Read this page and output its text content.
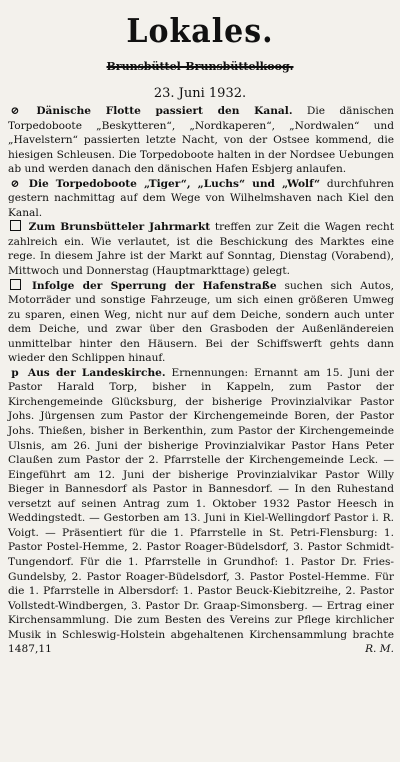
Lokales.
Brunsbüttel-Brunsbüttelkoog.
23. Juni 1932.

⊘ Dänische Flotte passiert den Kanal. Die dänischen Torpedoboote „Beskytteren“, „Nordkaperen“, „Nordwalen“ und „Havelstern“ passierten letzte Nacht, von der Ostsee kommend, die hiesigen Schleusen. Die Torpedoboote halten in der Nordsee Uebungen ab und werden danach den dänischen Hafen Esbjerg anlaufen.

⊘ Die Torpedoboote „Tiger“, „Luchs“ und „Wolf“ durchfuhren gestern nachmittag auf dem Wege von Wilhelmshaven nach Kiel den Kanal.

Zum Brunsbütteler Jahrmarkt treffen zur Zeit die Wagen recht zahlreich ein. Wie verlautet, ist die Beschickung des Marktes eine rege. In diesem Jahre ist der Markt auf Sonntag, Dienstag (Vorabend), Mittwoch und Donnerstag (Hauptmarkttage) gelegt.

Infolge der Sperrung der Hafenstraße suchen sich Autos, Motorräder und sonstige Fahrzeuge, um sich einen größeren Umweg zu sparen, einen Weg, nicht nur auf dem Deiche, sondern auch unter dem Deiche, und zwar über den Grasboden der Außenländereien unmittelbar hinter den Häusern. Bei der Schiffswerft gehts dann wieder den Schlippen hinauf.

p Aus der Landeskirche. Ernennungen: Ernannt am 15. Juni der Pastor Harald Torp, bisher in Kappeln, zum Pastor der Kirchengemeinde Glücksburg, der bisherige Provinzialvikar Pastor Johs. Jürgensen zum Pastor der Kirchengemeinde Boren, der Pastor Johs. Thießen, bisher in Berkenthin, zum Pastor der Kirchengemeinde Ulsnis, am 26. Juni der bisherige Provinzialvikar Pastor Hans Peter Claußen zum Pastor der 2. Pfarrstelle der Kirchengemeinde Leck. — Eingeführt am 12. Juni der bisherige Provinzialvikar Pastor Willy Bieger in Bannesdorf als Pastor in Bannesdorf. — In den Ruhestand versetzt auf seinen Antrag zum 1. Oktober 1932 Pastor Heesch in Weddingstedt. — Gestorben am 13. Juni in Kiel-Wellingdorf Pastor i. R. Voigt. — Präsentiert für die 1. Pfarrstelle in St. Petri-Flensburg: 1. Pastor Postel-Hemme, 2. Pastor Roager-Büdelsdorf, 3. Pastor Schmidt-Tungendorf. Für die 1. Pfarrstelle in Grundhof: 1. Pastor Dr. Fries-Gundelsby, 2. Pastor Roager-Büdelsdorf, 3. Pastor Postel-Hemme. Für die 1. Pfarrstelle in Albersdorf: 1. Pastor Beuck-Kiebitzreihe, 2. Pastor Vollstedt-Windbergen, 3. Pastor Dr. Graap-Simonsberg. — Ertrag einer Kirchensammlung. Die zum Besten des Vereins zur Pflege kirchlicher Musik in Schleswig-Holstein abgehaltenen Kirchensammlung brachte 1487,11	R. M.
